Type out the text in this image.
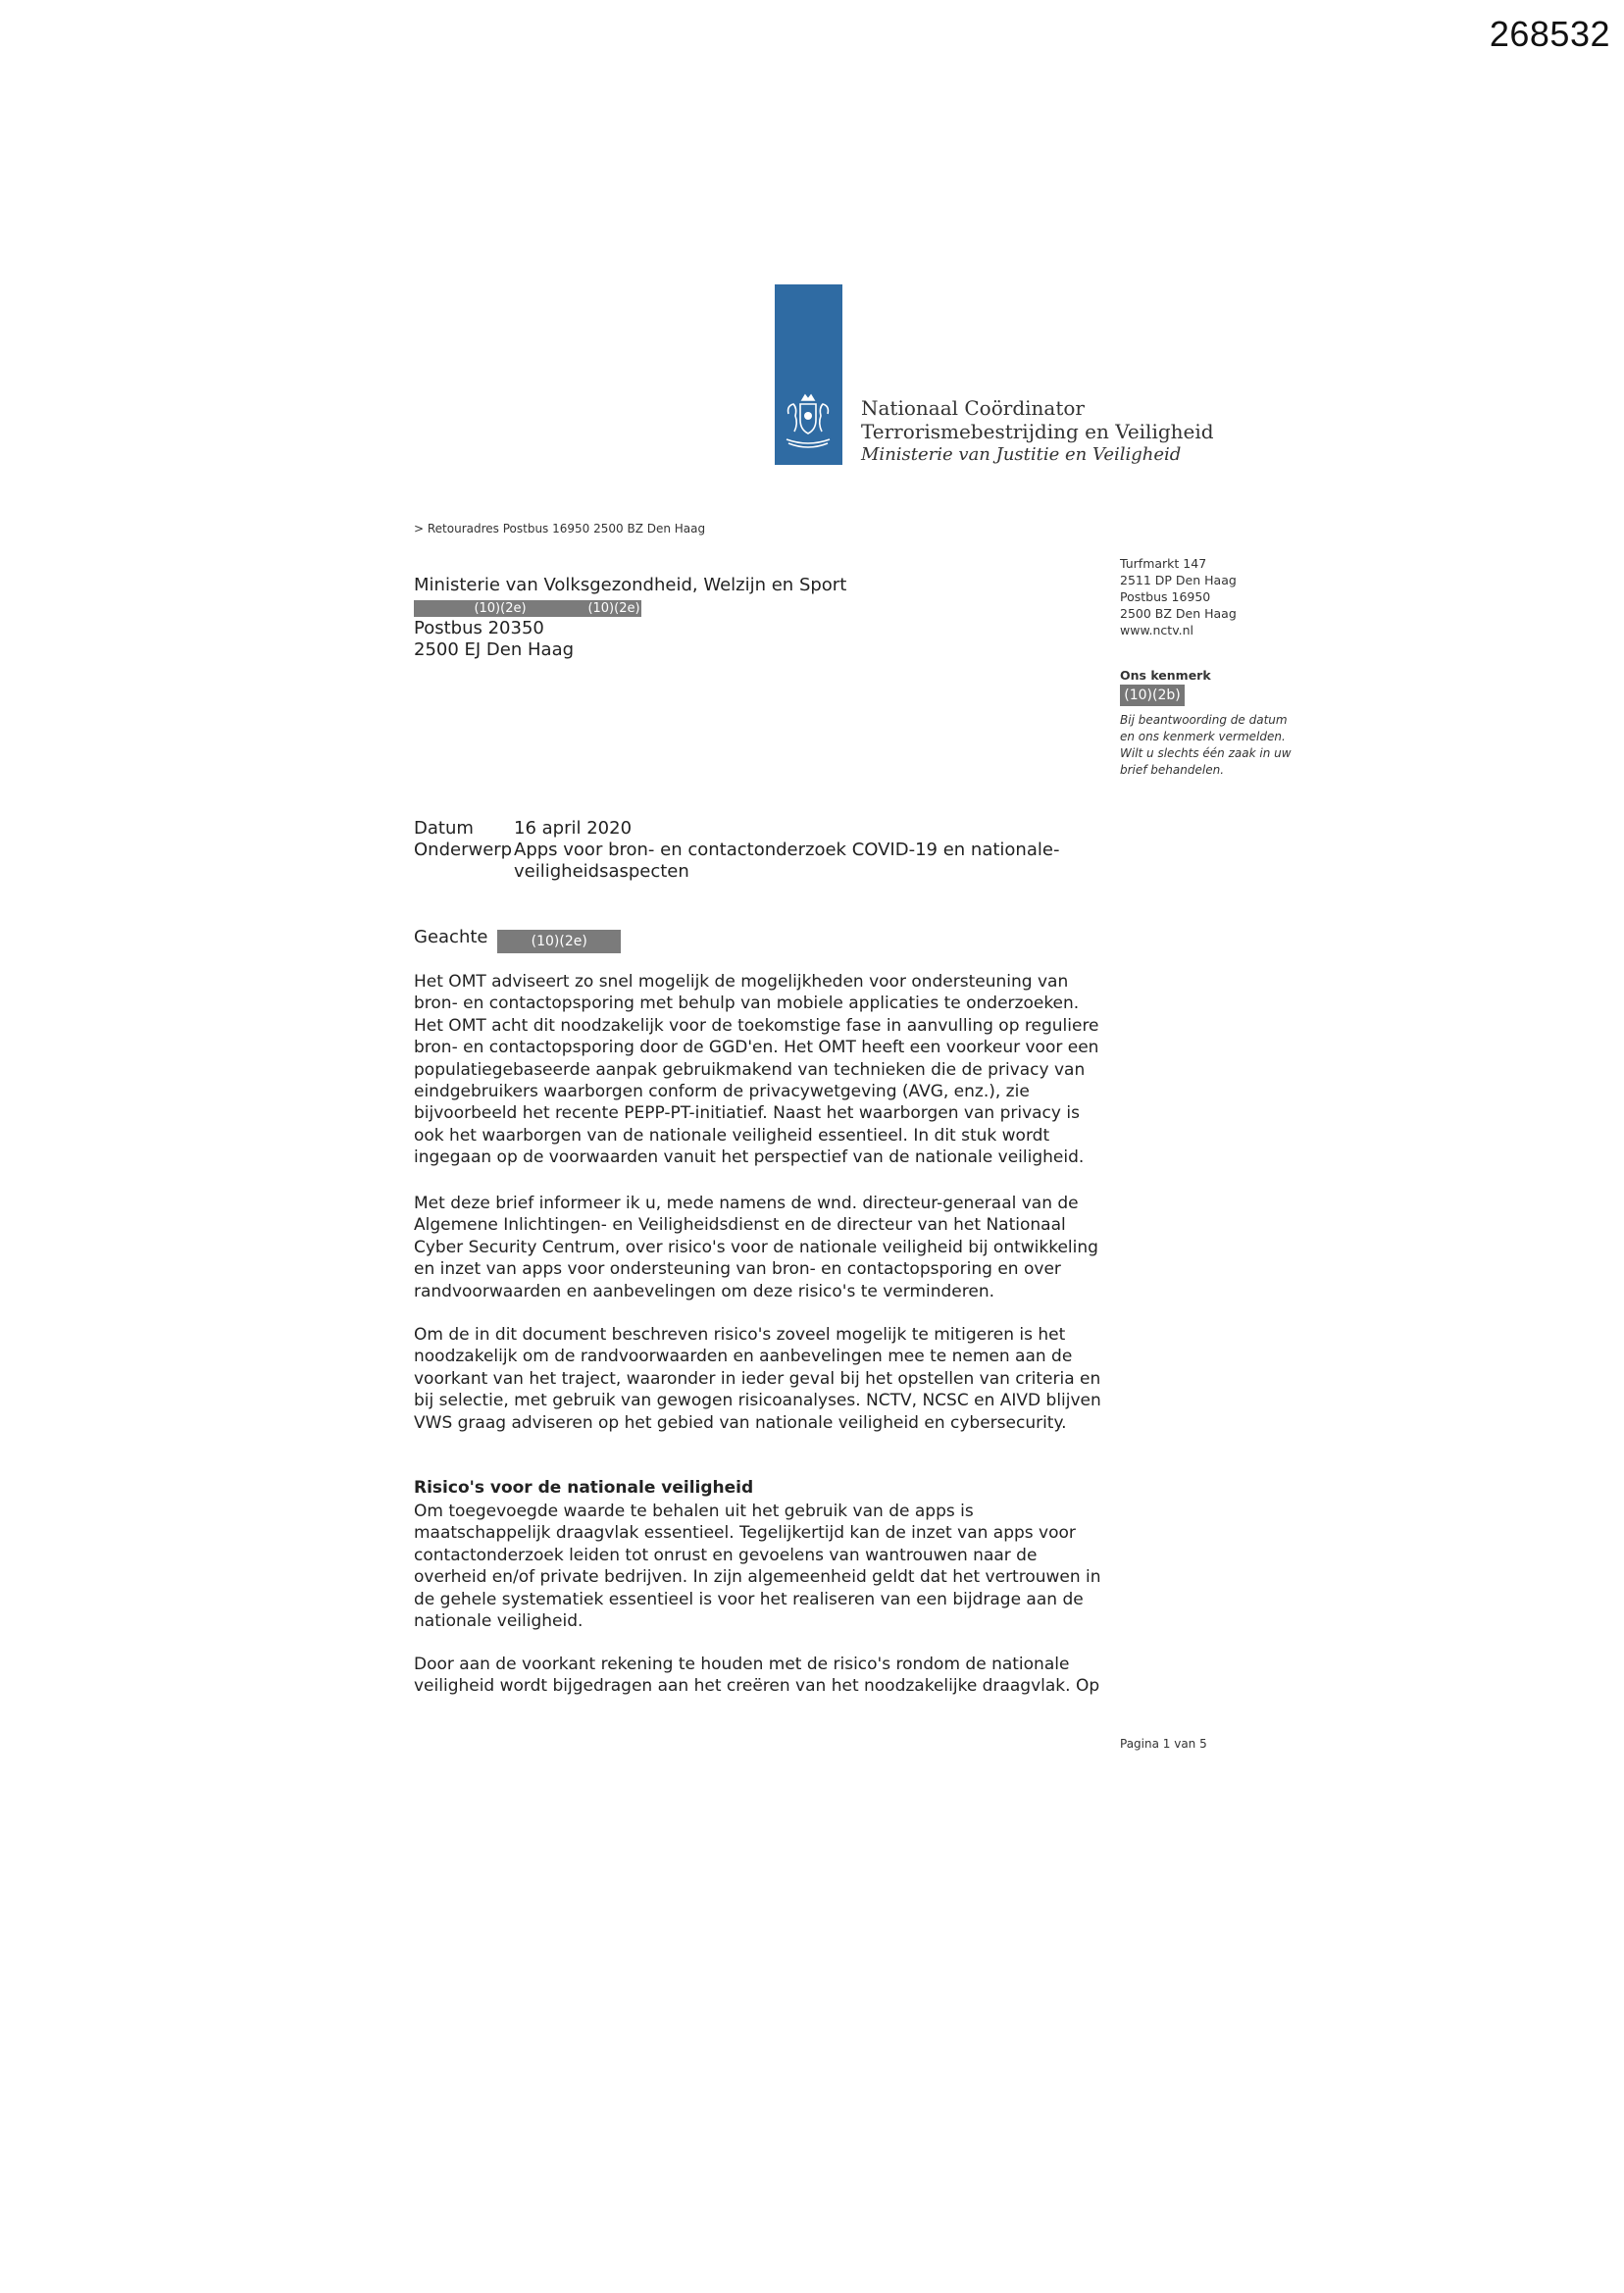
268532
Nationaal Coördinator
Terrorismebestrijding en Veiligheid
Ministerie van Justitie en Veiligheid
> Retouradres Postbus 16950 2500 BZ Den Haag
Ministerie van Volksgezondheid, Welzijn en Sport
(10)(2e)	(10)(2e)
Postbus 20350
2500 EJ Den Haag
Turfmarkt 147
2511 DP Den Haag
Postbus 16950
2500 BZ Den Haag
www.nctv.nl
Ons kenmerk
(10)(2b)
Bij beantwoording de datum
en ons kenmerk vermelden.
Wilt u slechts één zaak in uw
brief behandelen.
Datum	16 april 2020
Onderwerp Apps voor bron- en contactonderzoek COVID-19 en nationale-veiligheidsaspecten
Geachte	(10)(2e)

Het OMT adviseert zo snel mogelijk de mogelijkheden voor ondersteuning van bron- en contactopsporing met behulp van mobiele applicaties te onderzoeken. Het OMT acht dit noodzakelijk voor de toekomstige fase in aanvulling op reguliere bron- en contactopsporing door de GGD'en. Het OMT heeft een voorkeur voor een populatiegebaseerde aanpak gebruikmakend van technieken die de privacy van eindgebruikers waarborgen conform de privacywetgeving (AVG, enz.), zie bijvoorbeeld het recente PEPP-PT-initiatief. Naast het waarborgen van privacy is ook het waarborgen van de nationale veiligheid essentieel. In dit stuk wordt ingegaan op de voorwaarden vanuit het perspectief van de nationale veiligheid.

Met deze brief informeer ik u, mede namens de wnd. directeur-generaal van de Algemene Inlichtingen- en Veiligheidsdienst en de directeur van het Nationaal Cyber Security Centrum, over risico's voor de nationale veiligheid bij ontwikkeling en inzet van apps voor ondersteuning van bron- en contactopsporing en over randvoorwaarden en aanbevelingen om deze risico's te verminderen.

Om de in dit document beschreven risico's zoveel mogelijk te mitigeren is het noodzakelijk om de randvoorwaarden en aanbevelingen mee te nemen aan de voorkant van het traject, waaronder in ieder geval bij het opstellen van criteria en bij selectie, met gebruik van gewogen risicoanalyses. NCTV, NCSC en AIVD blijven VWS graag adviseren op het gebied van nationale veiligheid en cybersecurity.

Risico's voor de nationale veiligheid

Om toegevoegde waarde te behalen uit het gebruik van de apps is maatschappelijk draagvlak essentieel. Tegelijkertijd kan de inzet van apps voor contactonderzoek leiden tot onrust en gevoelens van wantrouwen naar de overheid en/of private bedrijven. In zijn algemeenheid geldt dat het vertrouwen in de gehele systematiek essentieel is voor het realiseren van een bijdrage aan de nationale veiligheid.

Door aan de voorkant rekening te houden met de risico's rondom de nationale veiligheid wordt bijgedragen aan het creëren van het noodzakelijke draagvlak. Op

Pagina 1 van 5
